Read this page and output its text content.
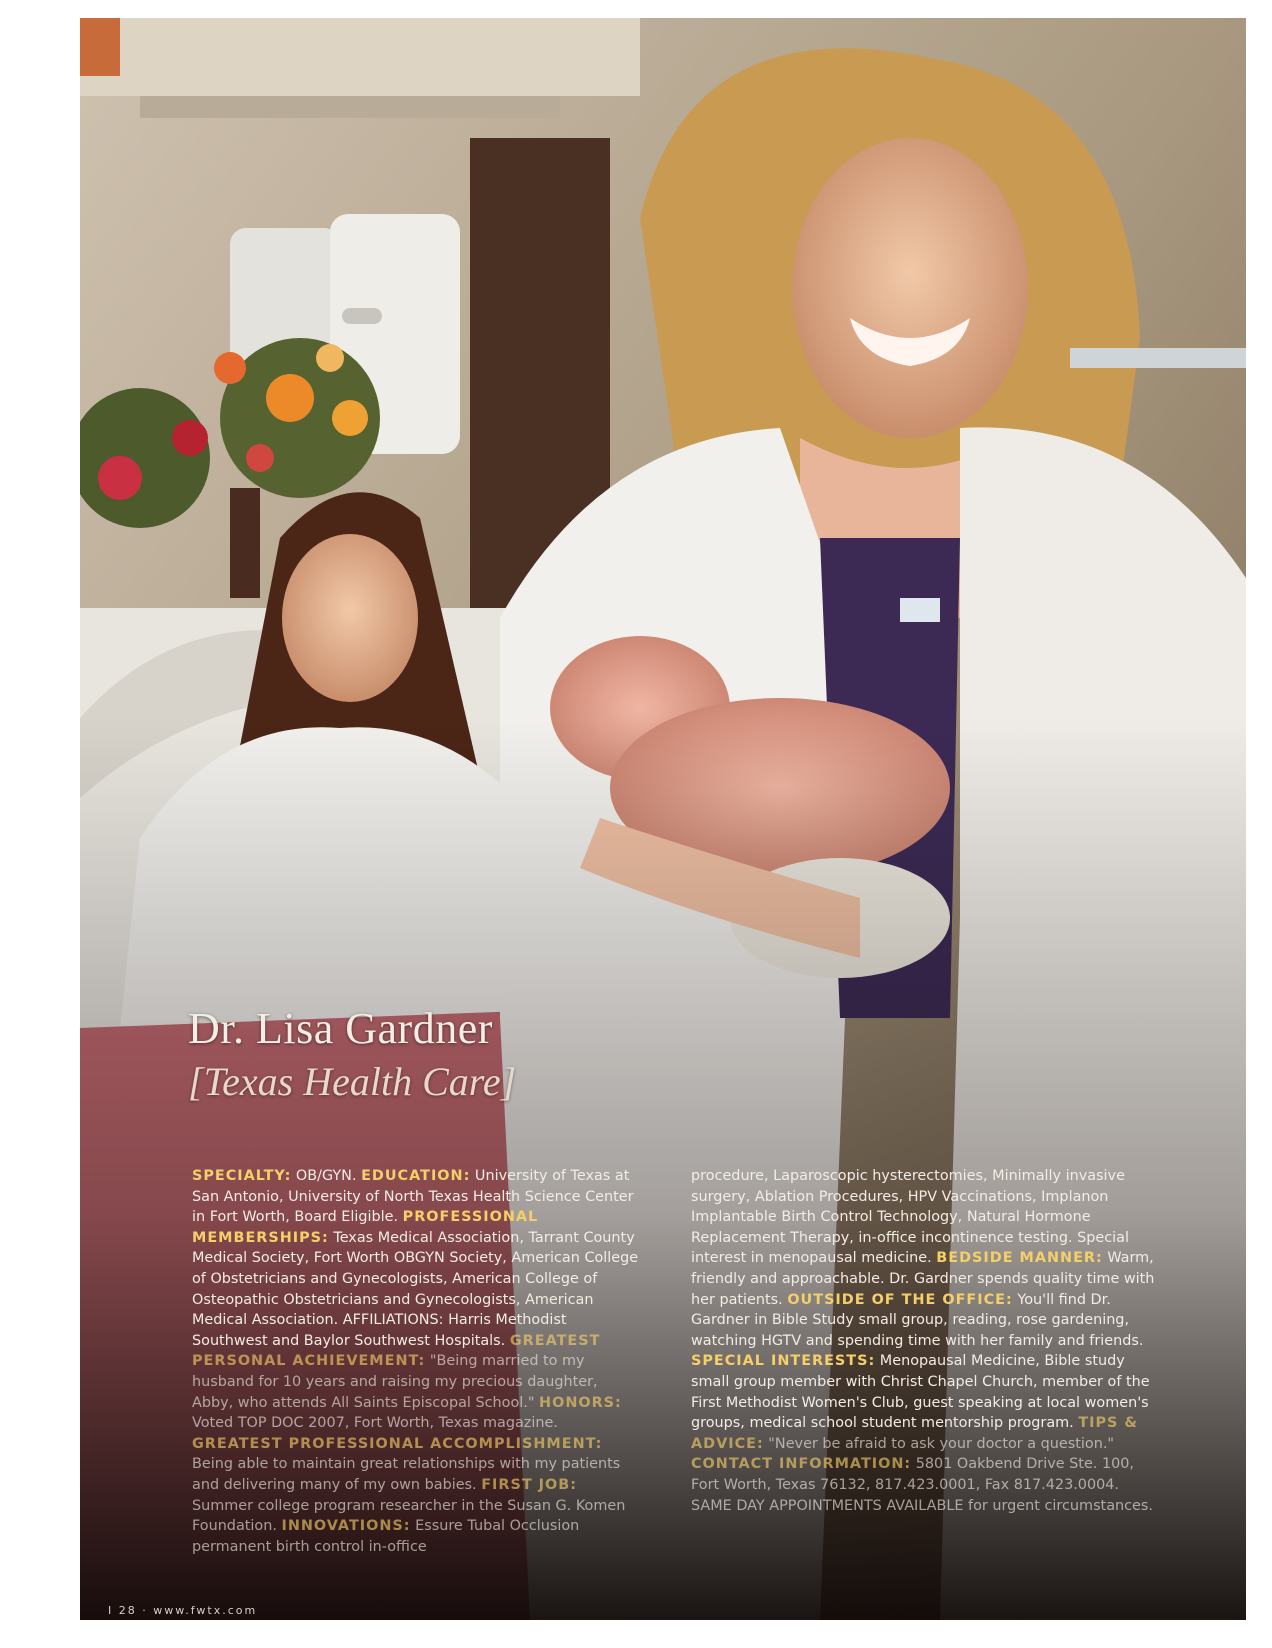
Dr. Lisa Gardner
[Texas Health Care]

SPECIALTY: OB/GYN. EDUCATION: University of Texas at San Antonio, University of North Texas Health Science Center in Fort Worth, Board Eligible. PROFESSIONAL MEMBERSHIPS: Texas Medical Association, Tarrant County Medical Society, Fort Worth OBGYN Society, American College of Obstetricians and Gynecologists, American College of Osteopathic Obstetricians and Gynecologists, American Medical Association. AFFILIATIONS: Harris Methodist Southwest and Baylor Southwest Hospitals. GREATEST PERSONAL ACHIEVEMENT: "Being married to my husband for 10 years and raising my precious daughter, Abby, who attends All Saints Episcopal School." HONORS: Voted TOP DOC 2007, Fort Worth, Texas magazine. GREATEST PROFESSIONAL ACCOMPLISHMENT: Being able to maintain great relationships with my patients and delivering many of my own babies. FIRST JOB: Summer college program researcher in the Susan G. Komen Foundation. INNOVATIONS: Essure Tubal Occlusion permanent birth control in-office

procedure, Laparoscopic hysterectomies, Minimally invasive surgery, Ablation Procedures, HPV Vaccinations, Implanon Implantable Birth Control Technology, Natural Hormone Replacement Therapy, in-office incontinence testing. Special interest in menopausal medicine. BEDSIDE MANNER: Warm, friendly and approachable. Dr. Gardner spends quality time with her patients. OUTSIDE OF THE OFFICE: You'll find Dr. Gardner in Bible Study small group, reading, rose gardening, watching HGTV and spending time with her family and friends. SPECIAL INTERESTS: Menopausal Medicine, Bible study small group member with Christ Chapel Church, member of the First Methodist Women's Club, guest speaking at local women's groups, medical school student mentorship program. TIPS & ADVICE: "Never be afraid to ask your doctor a question." CONTACT INFORMATION: 5801 Oakbend Drive Ste. 100, Fort Worth, Texas 76132, 817.423.0001, Fax 817.423.0004. SAME DAY APPOINTMENTS AVAILABLE for urgent circumstances.

I 28 · www.fwtx.com
